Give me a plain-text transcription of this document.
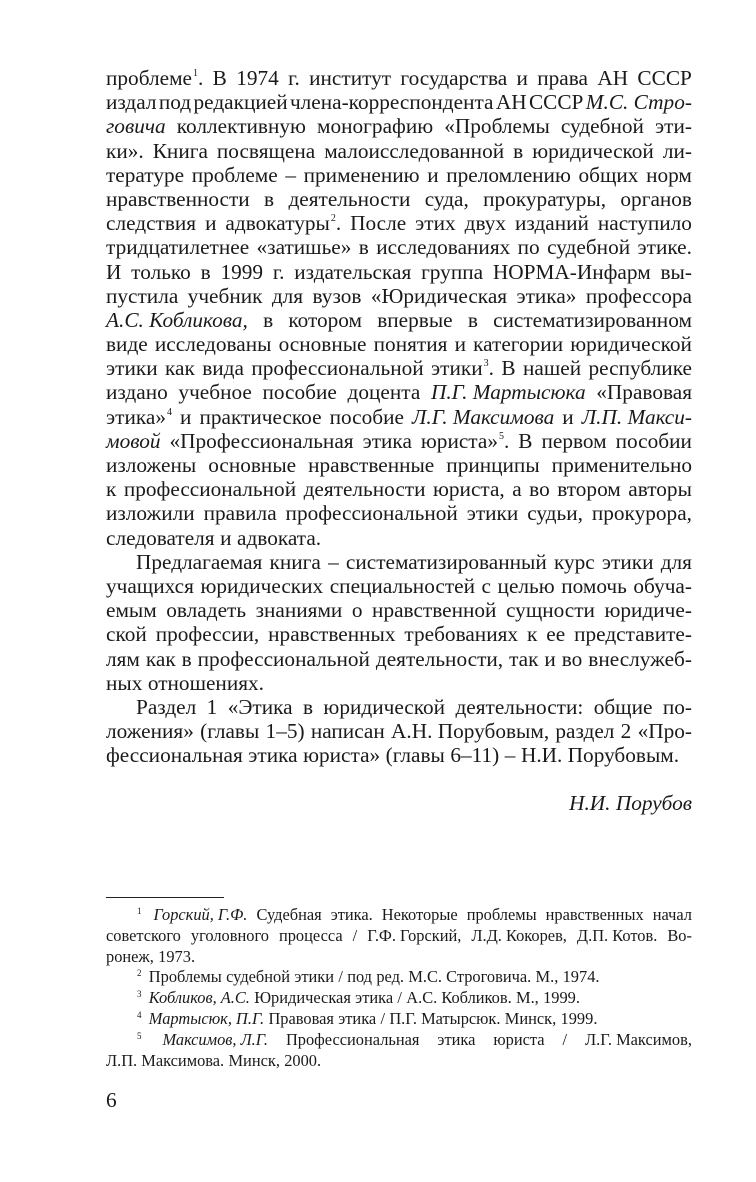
проблеме$^1$. В 1974 г. институт государства и права АН СССР
издал под редакцией члена-корреспондента АН СССР М.С. Стро-
говича коллективную монографию «Проблемы судебной эти-
ки». Книга посвящена малоисследованной в юридической ли-
тературе проблеме – применению и преломлению общих норм
нравственности в деятельности суда, прокуратуры, органов
следствия и адвокатуры$^2$. После этих двух изданий наступило
тридцатилетнее «затишье» в исследованиях по судебной этике.
И только в 1999 г. издательская группа НОРМА-Инфарм вы-
пустила учебник для вузов «Юридическая этика» профессора
А.С. Кобликова, в котором впервые в систематизированном
виде исследованы основные понятия и категории юридической
этики как вида профессиональной этики$^3$. В нашей республике
издано учебное пособие доцента П.Г. Мартысюка «Правовая
этика»$^4$ и практическое пособие Л.Г. Максимова и Л.П. Макси-
мовой «Профессиональная этика юриста»$^5$. В первом пособии
изложены основные нравственные принципы применительно
к профессиональной деятельности юриста, а во втором авторы
изложили правила профессиональной этики судьи, прокурора,
следователя и адвоката.
Предлагаемая книга – систематизированный курс этики для
учащихся юридических специальностей с целью помочь обуча-
емым овладеть знаниями о нравственной сущности юридиче-
ской профессии, нравственных требованиях к ее представите-
лям как в профессиональной деятельности, так и во внеслужеб-
ных отношениях.
Раздел 1 «Этика в юридической деятельности: общие по-
ложения» (главы 1–5) написан А.Н. Порубовым, раздел 2 «Про-
фессиональная этика юриста» (главы 6–11) – Н.И. Порубовым.
Н.И. Порубов
$^1$ Горский, Г.Ф. Судебная этика. Некоторые проблемы нравственных начал
советского уголовного процесса / Г.Ф. Горский, Л.Д. Кокорев, Д.П. Котов. Во-
ронеж, 1973.
$^2$ Проблемы судебной этики / под ред. М.С. Строговича. М., 1974.
$^3$ Кобликов, А.С. Юридическая этика / А.С. Кобликов. М., 1999.
$^4$ Мартысюк, П.Г. Правовая этика / П.Г. Матырсюк. Минск, 1999.
$^5$ Максимов, Л.Г. Профессиональная этика юриста / Л.Г. Максимов,
Л.П. Максимова. Минск, 2000.
6
